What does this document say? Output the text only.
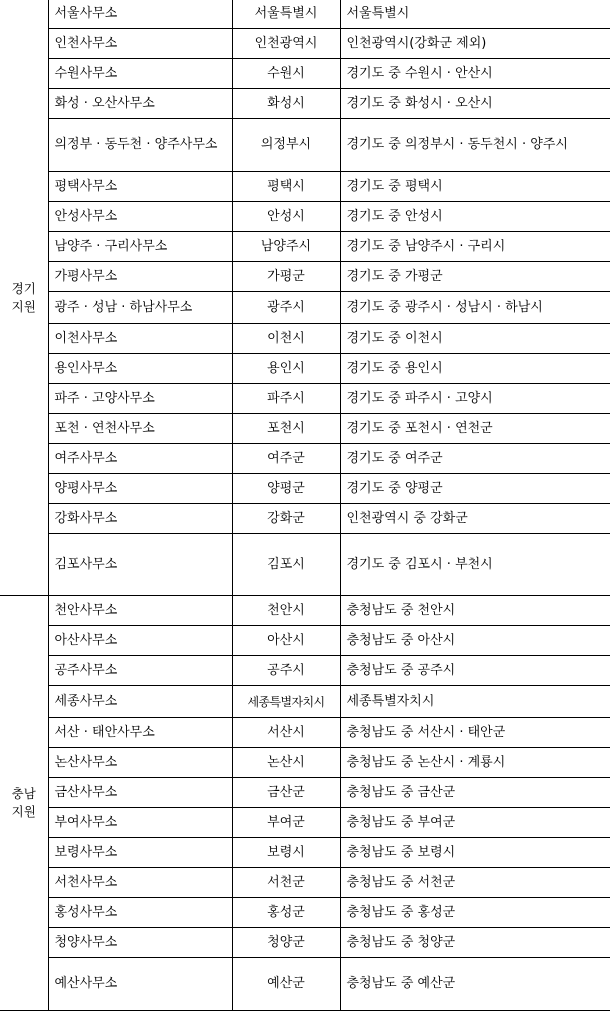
경기
지원	서울사무소	서울특별시	서울특별시
	인천사무소	인천광역시	인천광역시(강화군 제외)
	수원사무소	수원시	경기도 중 수원시 · 안산시
	화성 · 오산사무소	화성시	경기도 중 화성시 · 오산시
	의정부 · 동두천 · 양주사무소	의정부시	경기도 중 의정부시 · 동두천시 · 양주시
	평택사무소	평택시	경기도 중 평택시
	안성사무소	안성시	경기도 중 안성시
	남양주 · 구리사무소	남양주시	경기도 중 남양주시 · 구리시
	가평사무소	가평군	경기도 중 가평군
	광주 · 성남 · 하남사무소	광주시	경기도 중 광주시 · 성남시 · 하남시
	이천사무소	이천시	경기도 중 이천시
	용인사무소	용인시	경기도 중 용인시
	파주 · 고양사무소	파주시	경기도 중 파주시 · 고양시
	포천 · 연천사무소	포천시	경기도 중 포천시 · 연천군
	여주사무소	여주군	경기도 중 여주군
	양평사무소	양평군	경기도 중 양평군
	강화사무소	강화군	인천광역시 중 강화군
	김포사무소	김포시	경기도 중 김포시 · 부천시
충남
지원	천안사무소	천안시	충청남도 중 천안시
	아산사무소	아산시	충청남도 중 아산시
	공주사무소	공주시	충청남도 중 공주시
	세종사무소	세종특별자치시	세종특별자치시
	서산 · 태안사무소	서산시	충청남도 중 서산시 · 태안군
	논산사무소	논산시	충청남도 중 논산시 · 계룡시
	금산사무소	금산군	충청남도 중 금산군
	부여사무소	부여군	충청남도 중 부여군
	보령사무소	보령시	충청남도 중 보령시
	서천사무소	서천군	충청남도 중 서천군
	홍성사무소	홍성군	충청남도 중 홍성군
	청양사무소	청양군	충청남도 중 청양군
	예산사무소	예산군	충청남도 중 예산군
